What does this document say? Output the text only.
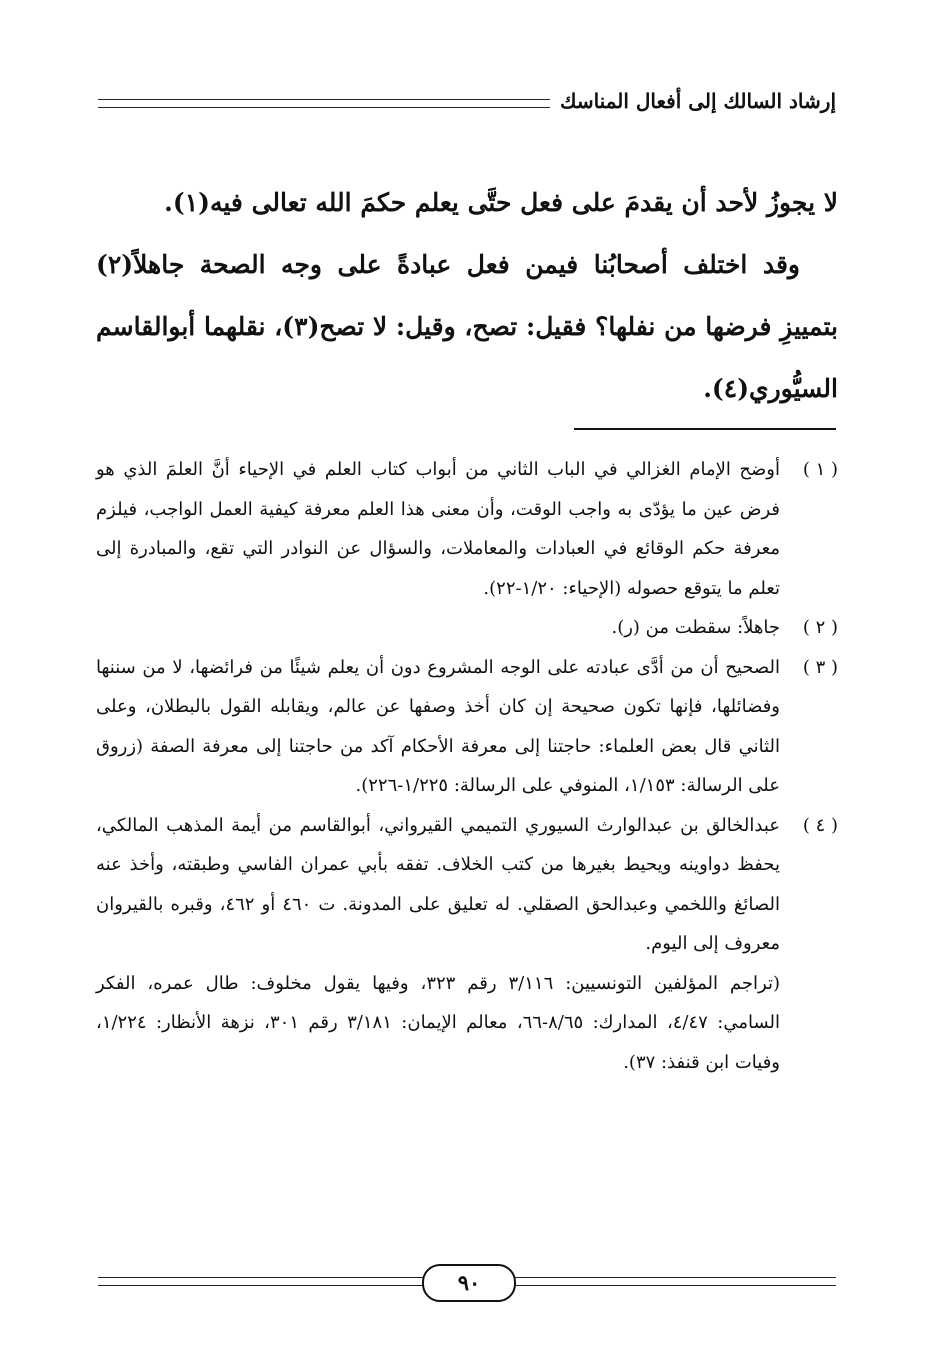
إرشاد السالك إلى أفعال المناسك

لا يجوزُ لأحد أن يقدمَ على فعل حتَّى يعلم حكمَ الله تعالى فيه(١).

وقد اختلف أصحابُنا فيمن فعل عبادةً على وجه الصحة جاهلاً(٢) بتمييزِ فرضها من نفلها؟ فقيل: تصح، وقيل: لا تصح(٣)، نقلهما أبوالقاسم السيُّوري(٤).

( ١ )
أوضح الإمام الغزالي في الباب الثاني من أبواب كتاب العلم في الإحياء أنَّ العلمَ الذي هو فرض عين ما يؤدّى به واجب الوقت، وأن معنى هذا العلم معرفة كيفية العمل الواجب، فيلزم معرفة حكم الوقائع في العبادات والمعاملات، والسؤال عن النوادر التي تقع، والمبادرة إلى تعلم ما يتوقع حصوله (الإحياء: ١/٢٠-٢٢).
( ٢ )
جاهلاً: سقطت من (ر).
( ٣ )
الصحيح أن من أدَّى عبادته على الوجه المشروع دون أن يعلم شيئًا من فرائضها، لا من سننها وفضائلها، فإنها تكون صحيحة إن كان أخذ وصفها عن عالم، ويقابله القول بالبطلان، وعلى الثاني قال بعض العلماء: حاجتنا إلى معرفة الأحكام آكد من حاجتنا إلى معرفة الصفة (زروق على الرسالة: ١/١٥٣، المنوفي على الرسالة: ١/٢٢٥-٢٢٦).
( ٤ )
عبدالخالق بن عبدالوارث السيوري التميمي القيرواني، أبوالقاسم من أيمة المذهب المالكي، يحفظ دواوينه ويحيط بغيرها من كتب الخلاف. تفقه بأبي عمران الفاسي وطبقته، وأخذ عنه الصائغ واللخمي وعبدالحق الصقلي. له تعليق على المدونة. ت ٤٦٠ أو ٤٦٢، وقبره بالقيروان معروف إلى اليوم.
(تراجم المؤلفين التونسيين: ٣/١١٦ رقم ٣٢٣، وفيها يقول مخلوف: طال عمره، الفكر السامي: ٤/٤٧، المدارك: ٨/٦٥-٦٦، معالم الإيمان: ٣/١٨١ رقم ٣٠١، نزهة الأنظار: ١/٢٢٤، وفيات ابن قنفذ: ٣٧).
٩٠
